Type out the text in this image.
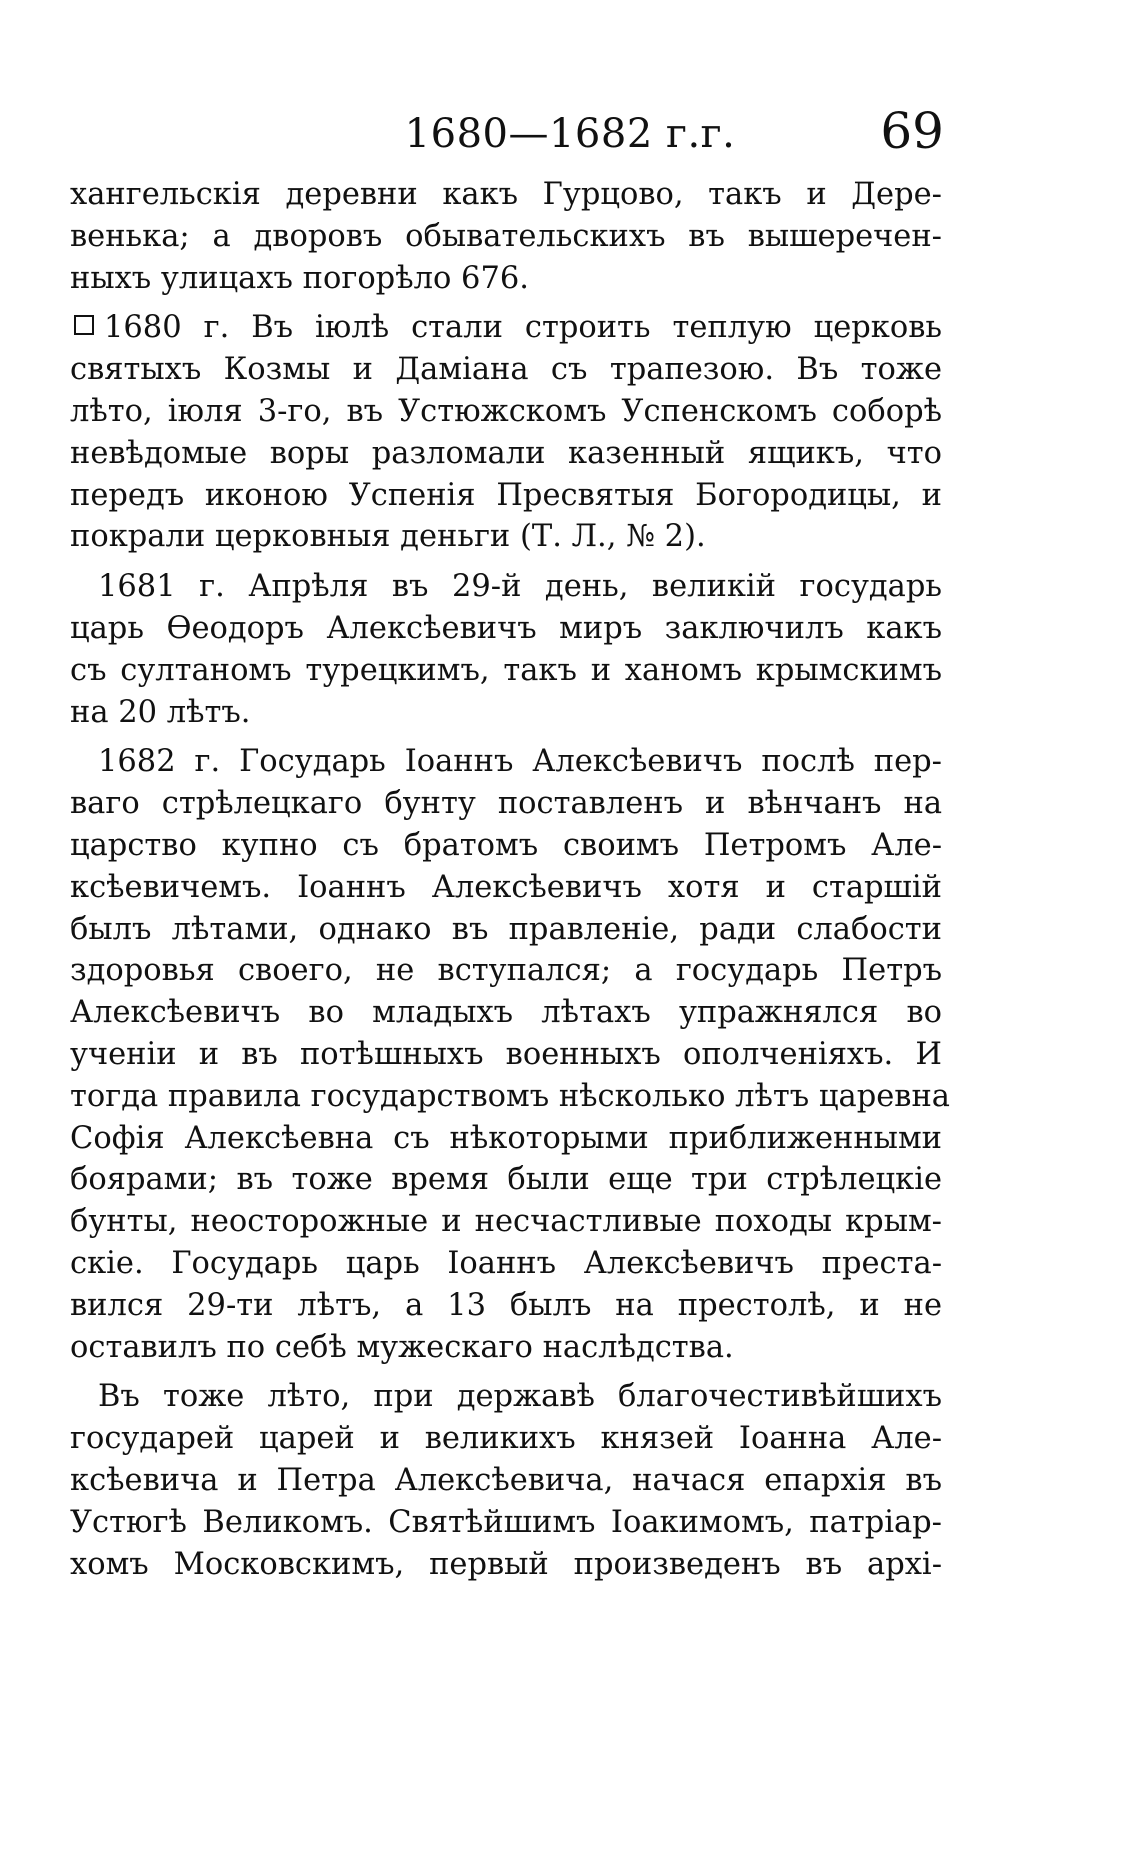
1680—1682 г.г.	69
хангельскія деревни какъ Гурцово, такъ и Дере-
венька; а дворовъ обывательскихъ въ вышеречен-
ныхъ улицахъ погорѣло 676.
1680 г. Въ іюлѣ стали строить теплую церковь
святыхъ Козмы и Даміана съ трапезою. Въ тоже
лѣто, іюля 3-го, въ Устюжскомъ Успенскомъ соборѣ
невѣдомые воры разломали казенный ящикъ, что
передъ иконою Успенія Пресвятыя Богородицы, и
покрали церковныя деньги (Т. Л., № 2).
1681 г. Апрѣля въ 29-й день, великій государь
царь Ѳеодоръ Алексѣевичъ миръ заключилъ какъ
съ султаномъ турецкимъ, такъ и ханомъ крымскимъ
на 20 лѣтъ.
1682 г. Государь Іоаннъ Алексѣевичъ послѣ пер-
ваго стрѣлецкаго бунту поставленъ и вѣнчанъ на
царство купно съ братомъ своимъ Петромъ Але-
ксѣевичемъ. Іоаннъ Алексѣевичъ хотя и старшій
былъ лѣтами, однако въ правленіе, ради слабости
здоровья своего, не вступался; а государь Петръ
Алексѣевичъ во младыхъ лѣтахъ упражнялся во
ученіи и въ потѣшныхъ военныхъ ополченіяхъ. И
тогда правила государствомъ нѣсколько лѣтъ царевна
Софія Алексѣевна съ нѣкоторыми приближенными
боярами; въ тоже время были еще три стрѣлецкіе
бунты, неосторожные и несчастливые походы крым-
скіе. Государь царь Іоаннъ Алексѣевичъ преста-
вился 29-ти лѣтъ, а 13 былъ на престолѣ, и не
оставилъ по себѣ мужескаго наслѣдства.
Въ тоже лѣто, при державѣ благочестивѣйшихъ
государей царей и великихъ князей Іоанна Але-
ксѣевича и Петра Алексѣевича, начася епархія въ
Устюгѣ Великомъ. Святѣйшимъ Іоакимомъ, патріар-
хомъ Московскимъ, первый произведенъ въ архі-
